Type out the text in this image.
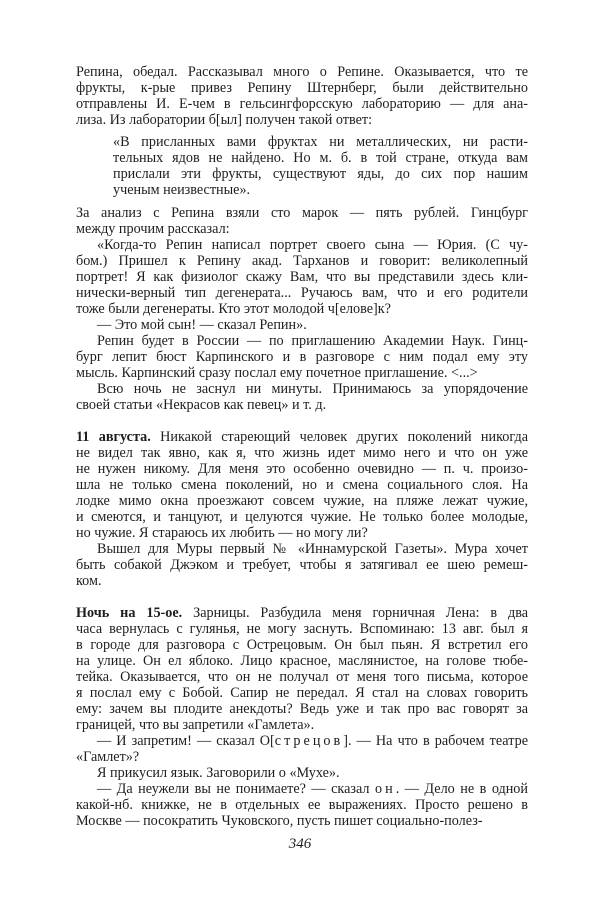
Репина, обедал. Рассказывал много о Репине. Оказывается, что те
фрукты, к-рые привез Репину Штернберг, были действительно
отправлены И. Е-чем в гельсингфорсскую лабораторию — для ана-
лиза. Из лаборатории б[ыл] получен такой ответ:
«В присланных вами фруктах ни металлических, ни расти-
тельных ядов не найдено. Но м. б. в той стране, откуда вам
прислали эти фрукты, существуют яды, до сих пор нашим
ученым неизвестные».
За анализ с Репина взяли сто марок — пять рублей. Гинцбург
между прочим рассказал:
«Когда-то Репин написал портрет своего сына — Юрия. (С чу-
бом.) Пришел к Репину акад. Тарханов и говорит: великолепный
портрет! Я как физиолог скажу Вам, что вы представили здесь кли-
нически-верный тип дегенерата... Ручаюсь вам, что и его родители
тоже были дегенераты. Кто этот молодой ч[елове]к?
— Это мой сын! — сказал Репин».
Репин будет в России — по приглашению Академии Наук. Гинц-
бург лепит бюст Карпинского и в разговоре с ним подал ему эту
мысль. Карпинский сразу послал ему почетное приглашение. <...>
Всю ночь не заснул ни минуты. Принимаюсь за упорядочение
своей статьи «Некрасов как певец» и т. д.
11 августа. Никакой стареющий человек других поколений никогда
не видел так явно, как я, что жизнь идет мимо него и что он уже
не нужен никому. Для меня это особенно очевидно — п. ч. произо-
шла не только смена поколений, но и смена социального слоя. На
лодке мимо окна проезжают совсем чужие, на пляже лежат чужие,
и смеются, и танцуют, и целуются чужие. Не только более молодые,
но чужие. Я стараюсь их любить — но могу ли?
Вышел для Муры первый № «Иннамурской Газеты». Мура хочет
быть собакой Джэком и требует, чтобы я затягивал ее шею ремеш-
ком.
Ночь на 15-ое. Зарницы. Разбудила меня горничная Лена: в два
часа вернулась с гулянья, не могу заснуть. Вспоминаю: 13 авг. был я
в городе для разговора с Острецовым. Он был пьян. Я встретил его
на улице. Он ел яблоко. Лицо красное, маслянистое, на голове тюбе-
тейка. Оказывается, что он не получал от меня того письма, которое
я послал ему с Бобой. Сапир не передал. Я стал на словах говорить
ему: зачем вы плодите анекдоты? Ведь уже и так про вас говорят за
границей, что вы запретили «Гамлета».
— И запретим! — сказал О[стрецов]. — На что в рабочем театре
«Гамлет»?
Я прикусил язык. Заговорили о «Мухе».
— Да неужели вы не понимаете? — сказал он. — Дело не в одной
какой-нб. книжке, не в отдельных ее выражениях. Просто решено в
Москве — посократить Чуковского, пусть пишет социально-полез-
346
